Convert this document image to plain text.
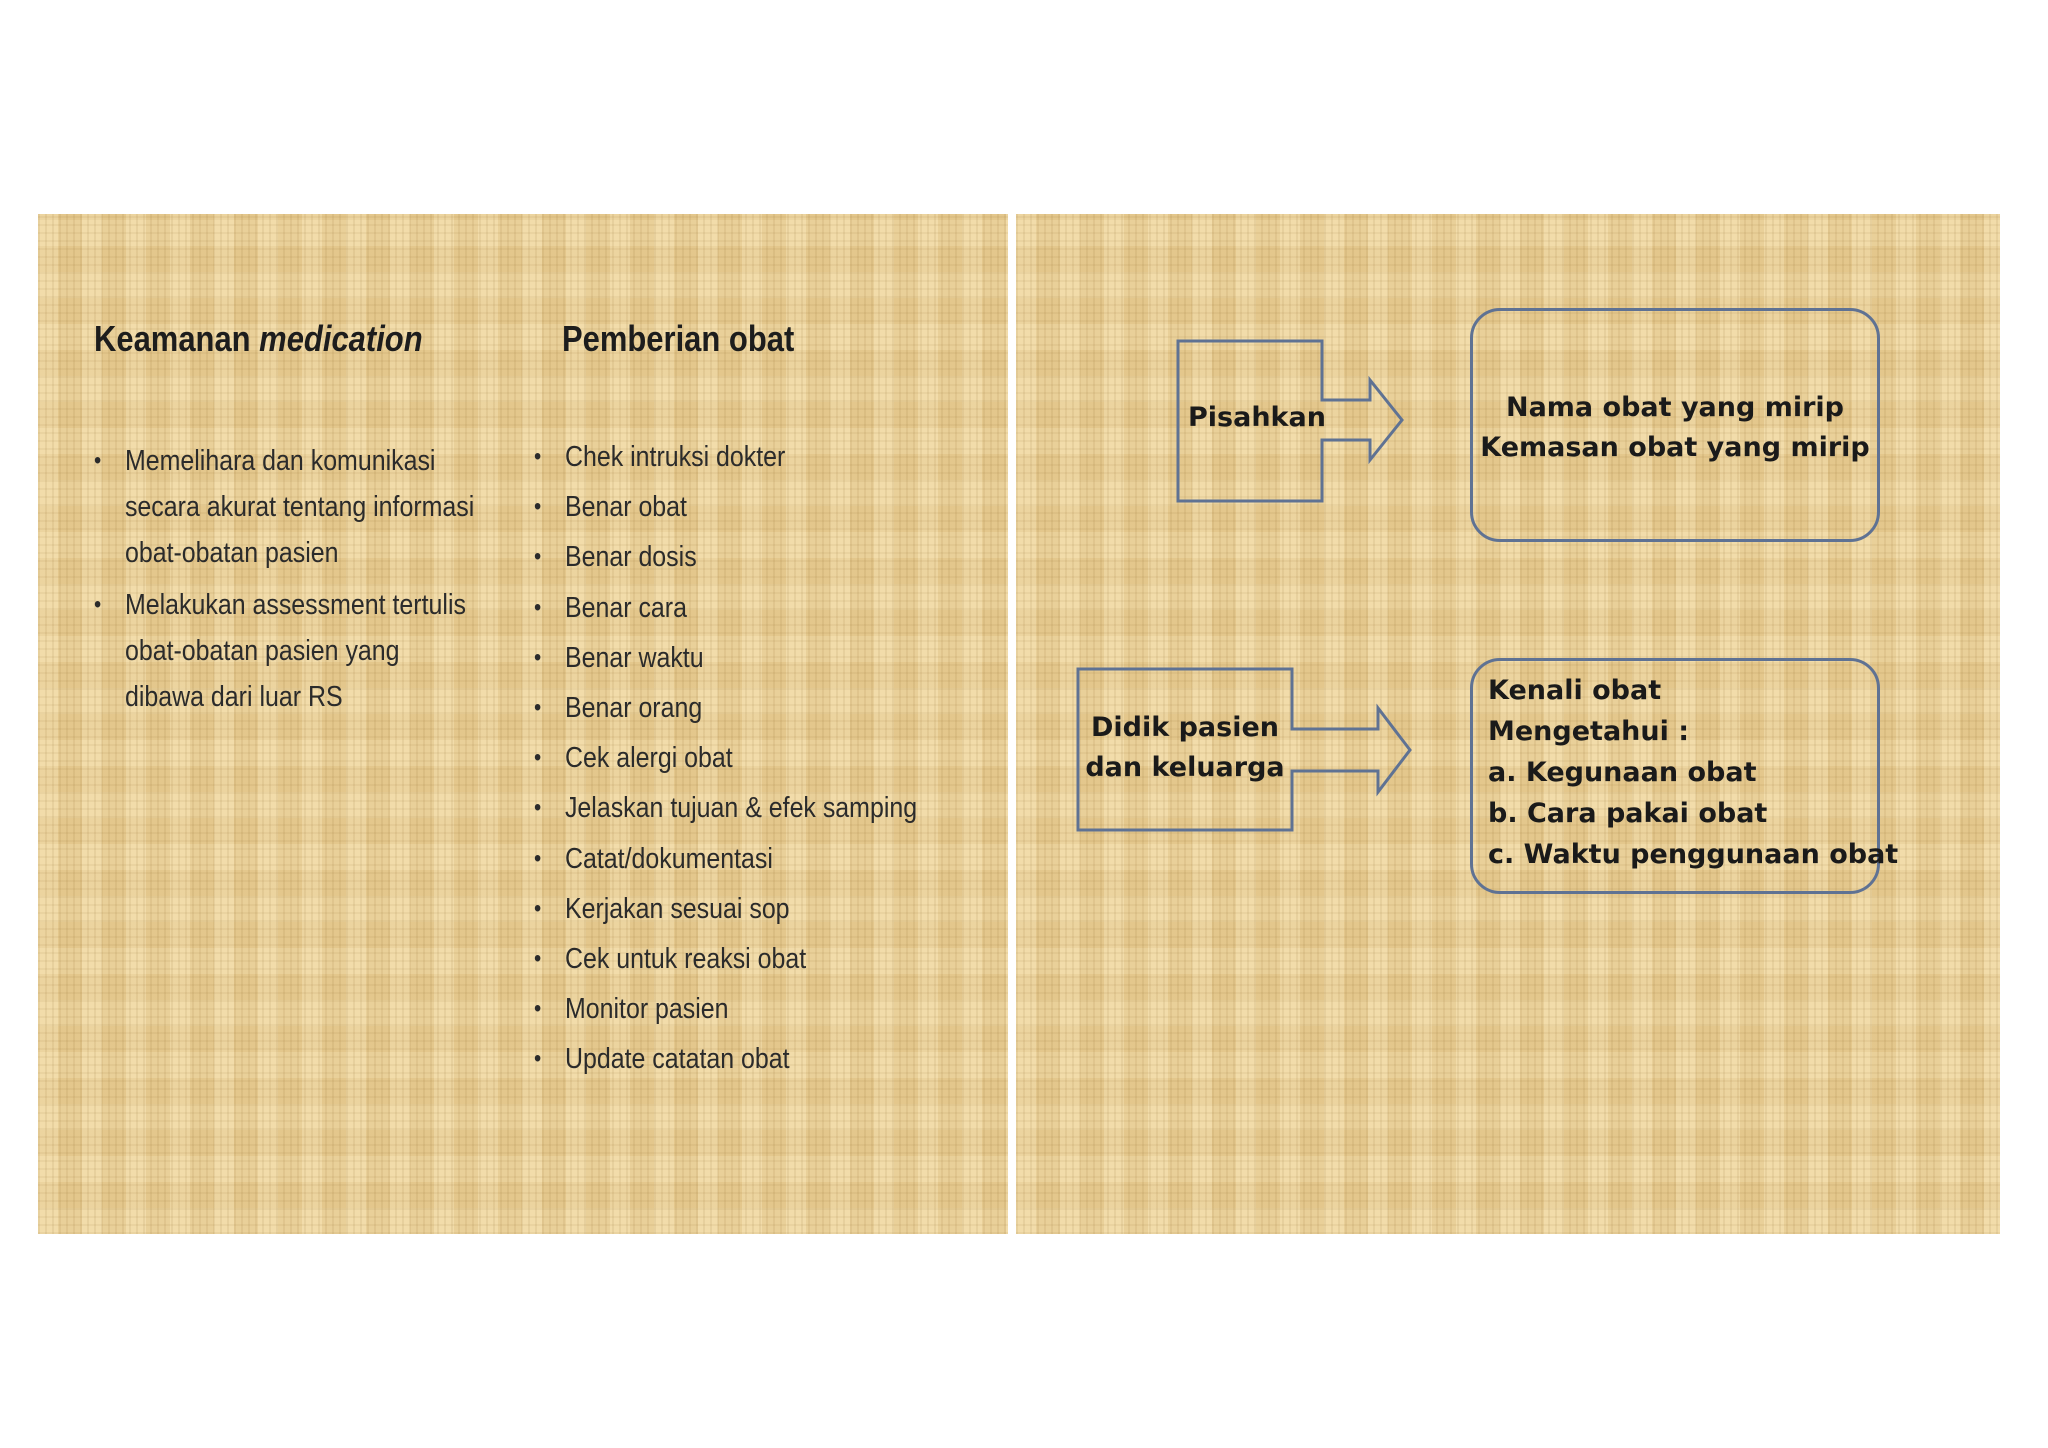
Keamanan medication	Pemberian obat
• Memelihara dan komunikasi secara akurat tentang informasi obat-obatan pasien
• Melakukan assessment tertulis obat-obatan pasien yang dibawa dari luar RS
• Chek intruksi dokter
• Benar obat
• Benar dosis
• Benar cara
• Benar waktu
• Benar orang
• Cek alergi obat
• Jelaskan tujuan & efek samping
• Catat/dokumentasi
• Kerjakan sesuai sop
• Cek untuk reaksi obat
• Monitor pasien
• Update catatan obat
Pisahkan	Nama obat yang mirip
Kemasan obat yang mirip
Didik pasien
dan keluarga
Kenali obat
Mengetahui :
a. Kegunaan obat
b. Cara pakai obat
c. Waktu penggunaan obat
